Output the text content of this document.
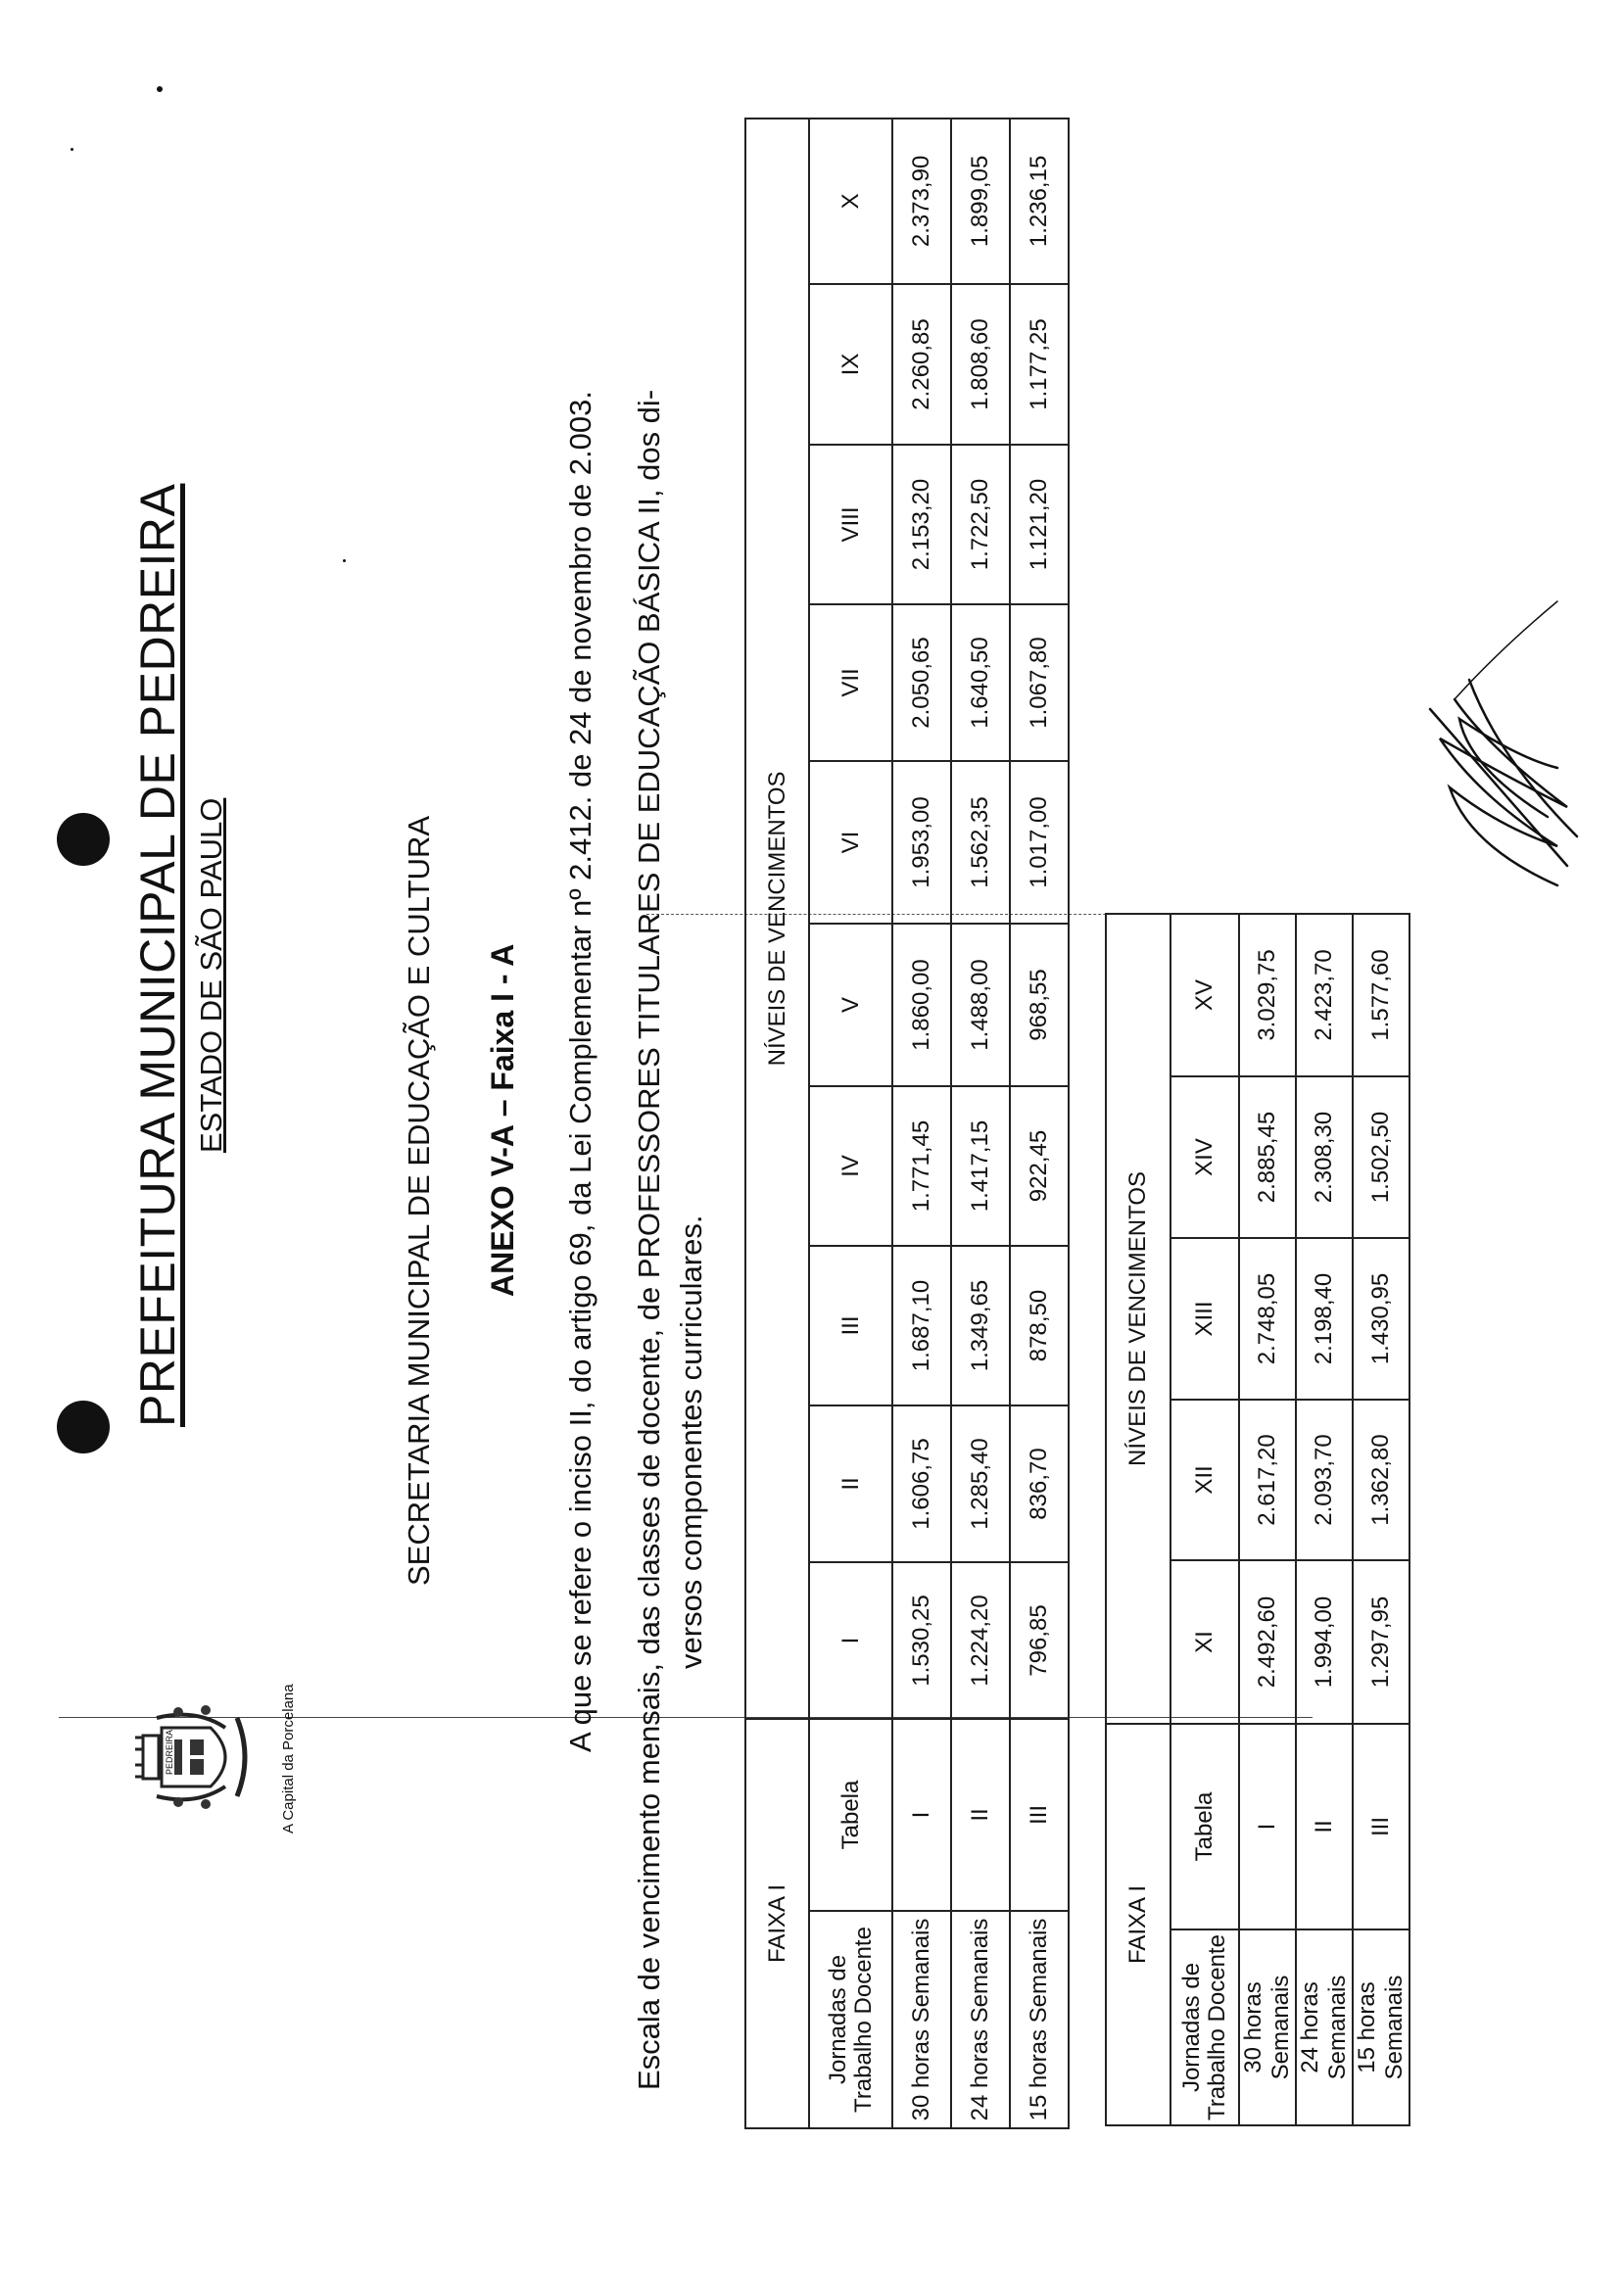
PEDREIRA	A Capital da Porcelana
PREFEITURA MUNICIPAL DE PEDREIRA ESTADO DE SÃO PAULO	SECRETARIA MUNICIPAL DE EDUCAÇÃO E CULTURA ANEXO V-A – Faixa I - A A que se refere o inciso II, do artigo 69, da Lei Complementar nº 2.412. de 24 de novembro de 2.003. Escala de vencimento mensais, das classes de docente, de PROFESSORES TITULARES DE EDUCAÇÃO BÁSICA II, dos di- versos componentes curriculares.
FAIXA I		NÍVEIS DE VENCIMENTOS									
Jornadas de Trabalho Docente	Tabela	I	II	III	IV	V	VI	VII	VIII	IX	X
30 horas Semanais	I	1.530,25	1.606,75	1.687,10	1.771,45	1.860,00	1.953,00	2.050,65	2.153,20	2.260,85	2.373,90
24 horas Semanais	II	1.224,20	1.285,40	1.349,65	1.417,15	1.488,00	1.562,35	1.640,50	1.722,50	1.808,60	1.899,05
15 horas Semanais	III	796,85	836,70	878,50	922,45	968,55	1.017,00	1.067,80	1.121,20	1.177,25	1.236,15
FAIXA I		NÍVEIS DE VENCIMENTOS				
Jornadas de Trabalho Docente	Tabela	XI	XII	XIII	XIV	XV
30 horas Semanais	I	2.492,60	2.617,20	2.748,05	2.885,45	3.029,75
24 horas Semanais	II	1.994,00	2.093,70	2.198,40	2.308,30	2.423,70
15 horas Semanais	III	1.297,95	1.362,80	1.430,95	1.502,50	1.577,60
